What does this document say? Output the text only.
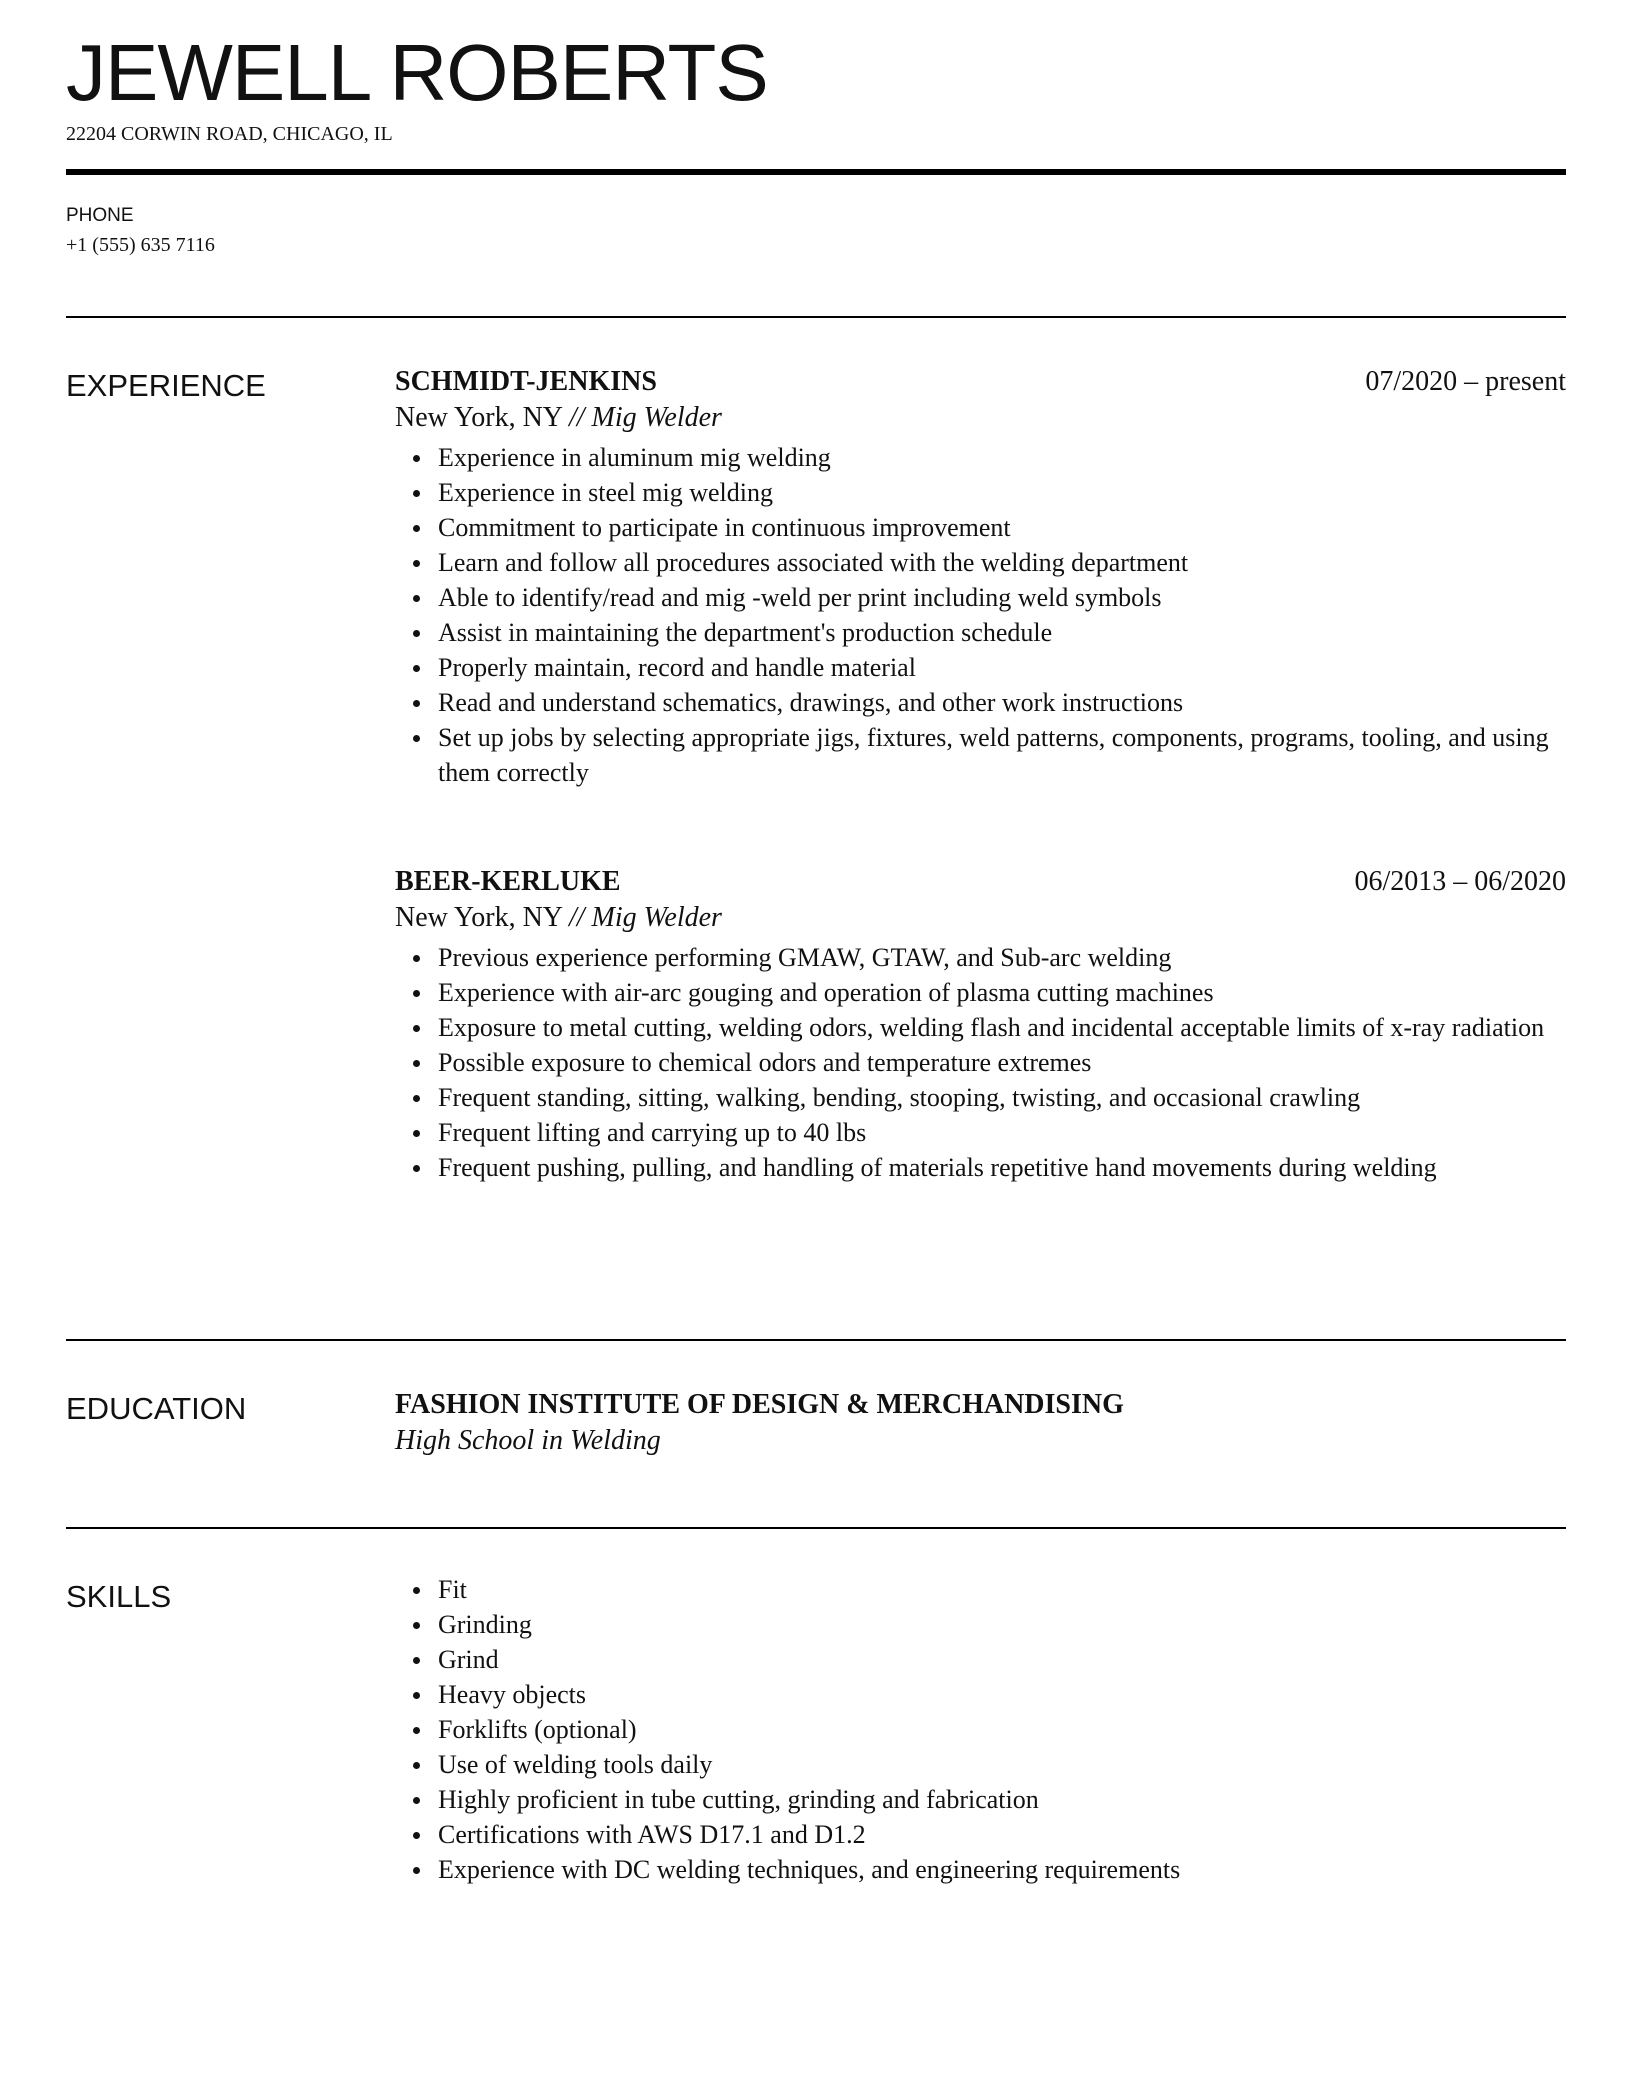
JEWELL ROBERTS
22204 CORWIN ROAD, CHICAGO, IL
PHONE
+1 (555) 635 7116
EXPERIENCE	SCHMIDT-JENKINS	07/2020 – present
New York, NY // Mig Welder
Experience in aluminum mig welding
Experience in steel mig welding
Commitment to participate in continuous improvement
Learn and follow all procedures associated with the welding department
Able to identify/read and mig -weld per print including weld symbols
Assist in maintaining the department's production schedule
Properly maintain, record and handle material
Read and understand schematics, drawings, and other work instructions
Set up jobs by selecting appropriate jigs, fixtures, weld patterns, components, programs, tooling, and using them correctly
BEER-KERLUKE	06/2013 – 06/2020
New York, NY // Mig Welder
Previous experience performing GMAW, GTAW, and Sub-arc welding
Experience with air-arc gouging and operation of plasma cutting machines
Exposure to metal cutting, welding odors, welding flash and incidental acceptable limits of x-ray radiation
Possible exposure to chemical odors and temperature extremes
Frequent standing, sitting, walking, bending, stooping, twisting, and occasional crawling
Frequent lifting and carrying up to 40 lbs
Frequent pushing, pulling, and handling of materials repetitive hand movements during welding
EDUCATION	FASHION INSTITUTE OF DESIGN & MERCHANDISING
High School in Welding
SKILLS	Fit
Grinding
Grind
Heavy objects
Forklifts (optional)
Use of welding tools daily
Highly proficient in tube cutting, grinding and fabrication
Certifications with AWS D17.1 and D1.2
Experience with DC welding techniques, and engineering requirements
